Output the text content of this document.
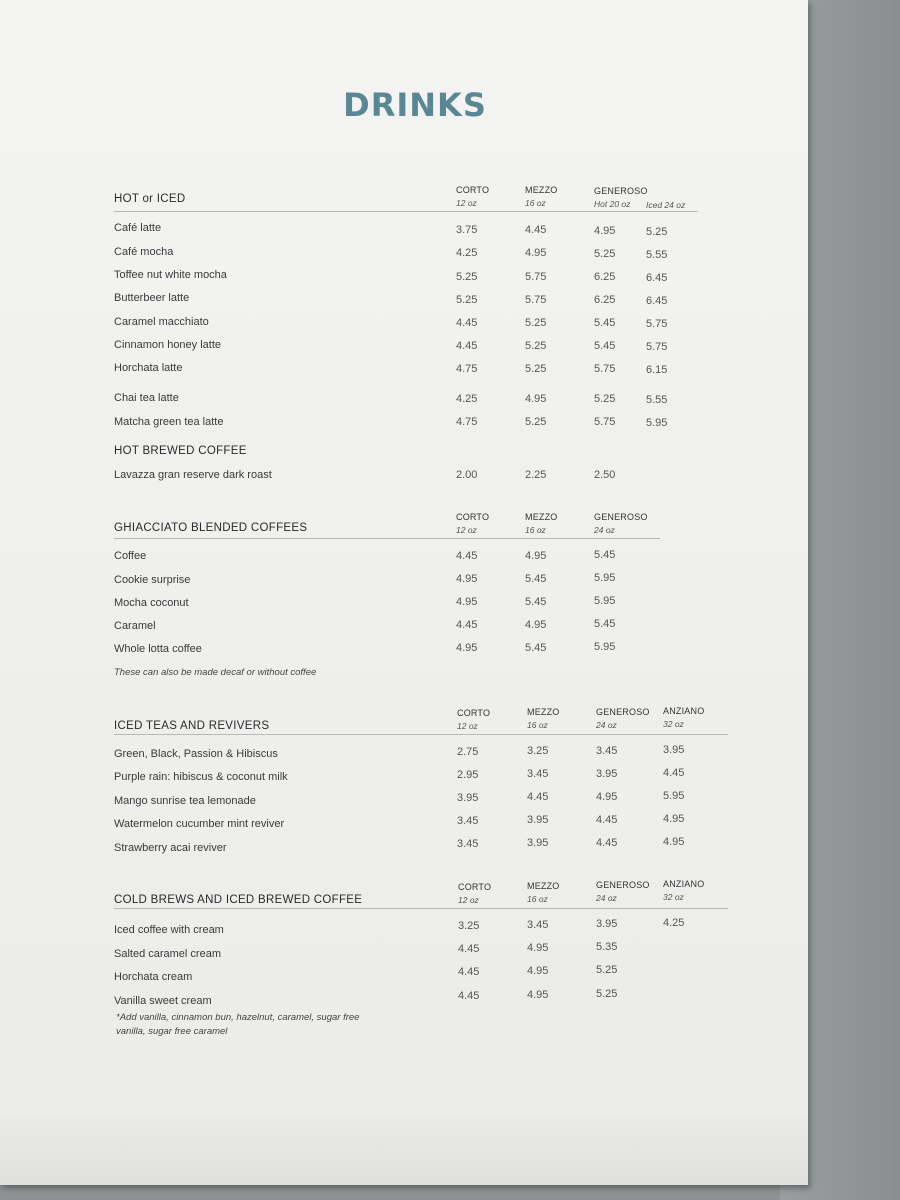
DRINKS
HOT or ICED
CORTO
12 oz
MEZZO
16 oz
GENEROSO
Hot 20 oz Iced 24 oz
Café latte	3.75	4.45	4.95	5.25
Café mocha	4.25	4.95	5.25	5.55
Toffee nut white mocha	5.25	5.75	6.25	6.45
Butterbeer latte	5.25	5.75	6.25	6.45
Caramel macchiato	4.45	5.25	5.45	5.75
Cinnamon honey latte	4.45	5.25	5.45	5.75
Horchata latte	4.75	5.25	5.75	6.15
Chai tea latte	4.25	4.95	5.25	5.55
Matcha green tea latte	4.75	5.25	5.75	5.95
HOT BREWED COFFEE
Lavazza gran reserve dark roast	2.00	2.25	2.50
GHIACCIATO BLENDED COFFEES
CORTO
12 oz
MEZZO
16 oz
GENEROSO
24 oz
Coffee	4.45	4.95	5.45
Cookie surprise	4.95	5.45	5.95
Mocha coconut	4.95	5.45	5.95
Caramel	4.45	4.95	5.45
Whole lotta coffee	4.95	5.45	5.95
These can also be made decaf or without coffee
ICED TEAS AND REVIVERS
CORTO
12 oz
MEZZO
16 oz
GENEROSO
24 oz
ANZIANO
32 oz
Green, Black, Passion & Hibiscus	2.75	3.25	3.45	3.95
Purple rain: hibiscus & coconut milk	2.95	3.45	3.95	4.45
Mango sunrise tea lemonade	3.95	4.45	4.95	5.95
Watermelon cucumber mint reviver	3.45	3.95	4.45	4.95
Strawberry acai reviver	3.45	3.95	4.45	4.95
COLD BREWS AND ICED BREWED COFFEE
CORTO
12 oz
MEZZO
16 oz
GENEROSO
24 oz
ANZIANO
32 oz
Iced coffee with cream	3.25	3.45	3.95	4.25
Salted caramel cream	4.45	4.95	5.35
Horchata cream	4.45	4.95	5.25
Vanilla sweet cream	4.45	4.95	5.25
*Add vanilla, cinnamon bun, hazelnut, caramel, sugar free vanilla, sugar free caramel
